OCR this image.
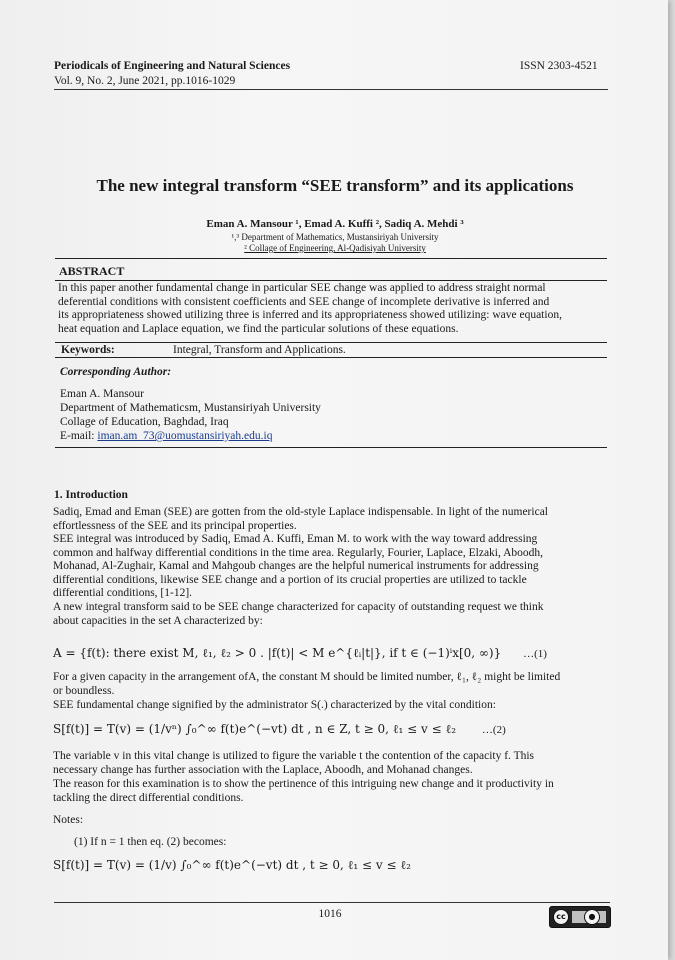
Periodicals of Engineering and Natural Sciences
Vol. 9, No. 2, June 2021, pp.1016-1029
ISSN 2303-4521
The new integral transform “SEE transform” and its applications
Eman A. Mansour ¹, Emad A. Kuffi ², Sadiq A. Mehdi ³
¹,³ Department of Mathematics, Mustansiriyah University
² Collage of Engineering, Al-Qadisiyah University
ABSTRACT
In this paper another fundamental change in particular SEE change was applied to address straight normal
deferential conditions with consistent coefficients and SEE change of incomplete derivative is inferred and
its appropriateness showed utilizing three is inferred and its appropriateness showed utilizing: wave equation,
heat equation and Laplace equation, we find the particular solutions of these equations.
Keywords:	Integral, Transform and Applications.
Corresponding Author:
Eman A. Mansour
Department of Mathematicsm, Mustansiriyah University
Collage of Education, Baghdad, Iraq
E-mail: iman.am_73@uomustansiriyah.edu.iq
1. Introduction
Sadiq, Emad and Eman (SEE) are gotten from the old-style Laplace indispensable. In light of the numerical
effortlessness of the SEE and its principal properties.
SEE integral was introduced by Sadiq, Emad A. Kuffi, Eman M. to work with the way toward addressing
common and halfway differential conditions in the time area. Regularly, Fourier, Laplace, Elzaki, Aboodh,
Mohanad, Al-Zughair, Kamal and Mahgoub changes are the helpful numerical instruments for addressing
differential conditions, likewise SEE change and a portion of its crucial properties are utilized to tackle
differential conditions, [1-12].
A new integral transform said to be SEE change characterized for capacity of outstanding request we think
about capacities in the set A characterized by:
A = {f(t): there exist M, ℓ₁, ℓ₂ > 0 . |f(t)| < M e^{ℓᵢ|t|}, if t ∈ (−1)ⁱx[0, ∞)} …(1)
For a given capacity in the arrangement ofA, the constant M should be limited number, ℓ₁, ℓ₂ might be limited
or boundless.
SEE fundamental change signified by the administrator S(.) characterized by the vital condition:
S[f(t)] = T(v) = (1/vⁿ) ∫₀^∞ f(t)e^(−vt) dt , n ∈ Z, t ≥ 0, ℓ₁ ≤ v ≤ ℓ₂ …(2)
The variable v in this vital change is utilized to figure the variable t the contention of the capacity f. This
necessary change has further association with the Laplace, Aboodh, and Mohanad changes.
The reason for this examination is to show the pertinence of this intriguing new change and it productivity in
tackling the direct differential conditions.
Notes:
(1) If n = 1 then eq. (2) becomes:
S[f(t)] = T(v) = (1/v) ∫₀^∞ f(t)e^(−vt) dt , t ≥ 0, ℓ₁ ≤ v ≤ ℓ₂
1016	cc	●
